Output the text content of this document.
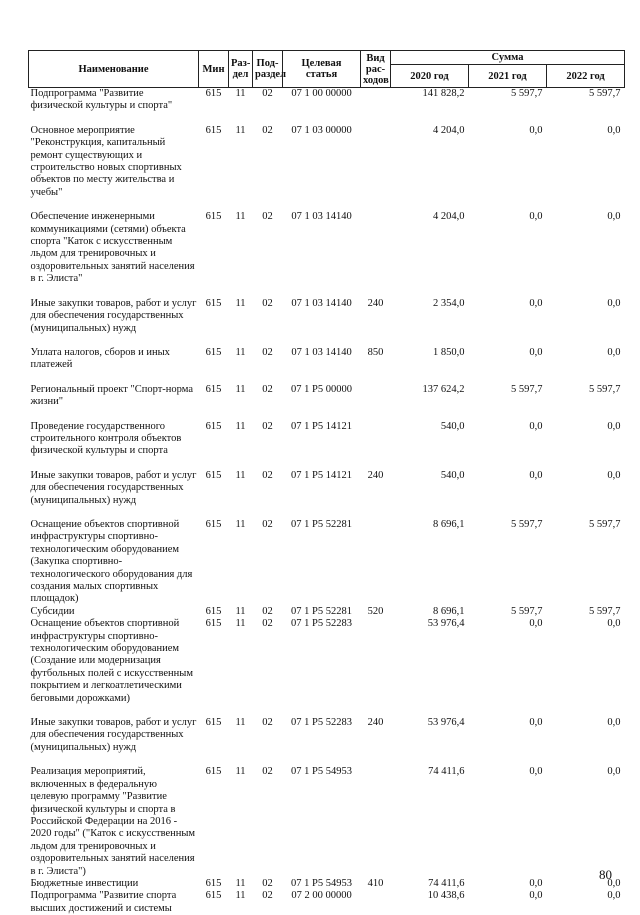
Наименование	Мин	Раз-дел	Под-раздел	Целевая статья	Вид рас-ходов	Сумма		
						2020 год	2021 год	2022 год
Подпрограмма "Развитие физической культуры и спорта"	615	11	02	07 1 00 00000		141 828,2	5 597,7	5 597,7
Основное мероприятие "Реконструкция, капитальный ремонт существующих и строительство новых спортивных объектов по месту жительства и учебы"	615	11	02	07 1 03 00000		4 204,0	0,0	0,0
Обеспечение инженерными коммуникациями (сетями) объекта спорта "Каток с искусственным льдом для тренировочных и оздоровительных занятий населения в г. Элиста"	615	11	02	07 1 03 14140		4 204,0	0,0	0,0
Иные закупки товаров, работ и услуг для обеспечения государственных (муниципальных) нужд	615	11	02	07 1 03 14140	240	2 354,0	0,0	0,0
Уплата налогов, сборов и иных платежей	615	11	02	07 1 03 14140	850	1 850,0	0,0	0,0
Региональный проект "Спорт-норма жизни"	615	11	02	07 1 P5 00000		137 624,2	5 597,7	5 597,7
Проведение государственного строительного контроля объектов физической культуры и спорта	615	11	02	07 1 P5 14121		540,0	0,0	0,0
Иные закупки товаров, работ и услуг для обеспечения государственных (муниципальных) нужд	615	11	02	07 1 P5 14121	240	540,0	0,0	0,0
Оснащение объектов спортивной инфраструктуры спортивно-технологическим оборудованием (Закупка спортивно-технологического оборудования для создания малых спортивных площадок)	615	11	02	07 1 P5 52281		8 696,1	5 597,7	5 597,7
Субсидии	615	11	02	07 1 P5 52281	520	8 696,1	5 597,7	5 597,7
Оснащение объектов спортивной инфраструктуры спортивно-технологическим оборудованием (Создание или модернизация футбольных полей с искусственным покрытием и легкоатлетическими беговыми дорожками)	615	11	02	07 1 P5 52283		53 976,4	0,0	0,0
Иные закупки товаров, работ и услуг для обеспечения государственных (муниципальных) нужд	615	11	02	07 1 P5 52283	240	53 976,4	0,0	0,0
Реализация мероприятий, включенных в федеральную целевую программу "Развитие физической культуры и спорта в Российской Федерации на 2016 - 2020 годы" ("Каток с искусственным льдом для тренировочных и оздоровительных занятий населения в г. Элиста")	615	11	02	07 1 P5 54953		74 411,6	0,0	0,0
Бюджетные инвестиции	615	11	02	07 1 P5 54953	410	74 411,6	0,0	0,0
Подпрограмма "Развитие спорта высших достижений и системы	615	11	02	07 2 00 00000		10 438,6	0,0	0,0
80
